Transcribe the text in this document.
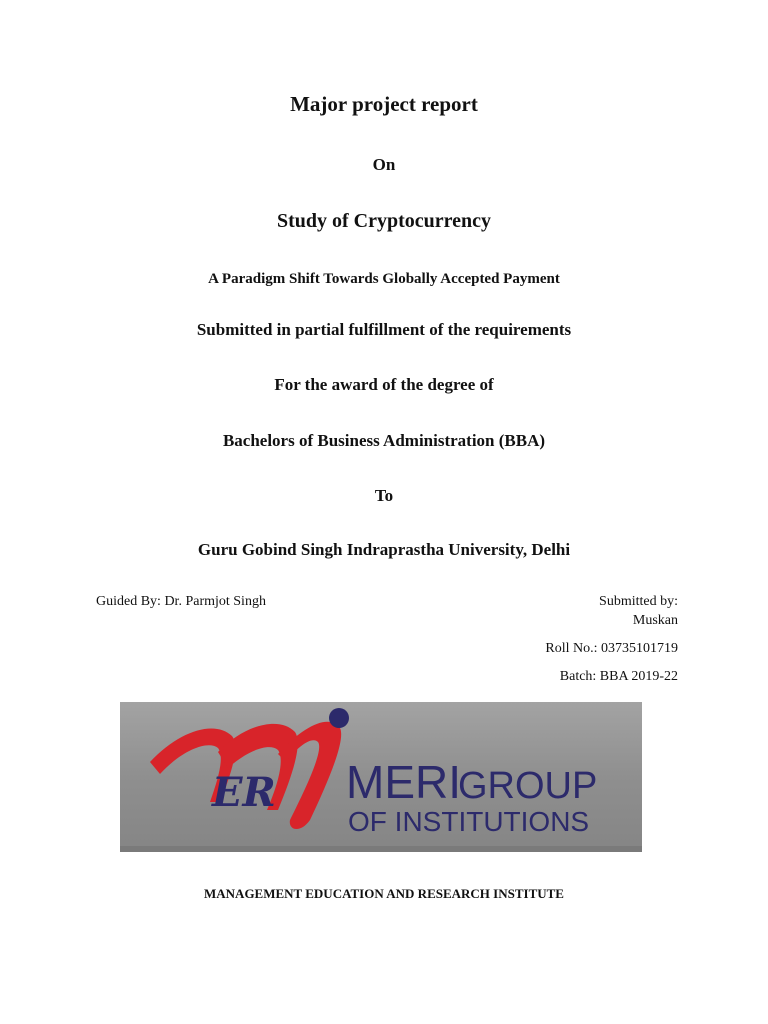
Major project report
On
Study of Cryptocurrency
A Paradigm Shift Towards Globally Accepted Payment
Submitted in partial fulfillment of the requirements
For the award of the degree of
Bachelors of Business Administration (BBA)
To
Guru Gobind Singh Indraprastha University, Delhi
Guided By: Dr. Parmjot Singh	Submitted by:
Muskan
Roll No.: 03735101719
Batch: BBA 2019-22
ER MERI
GROUP
OF INSTITUTIONS
MANAGEMENT EDUCATION AND RESEARCH INSTITUTE
